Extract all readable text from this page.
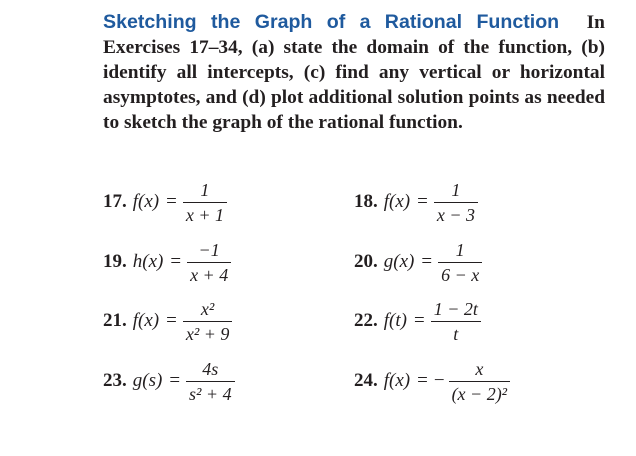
Sketching the Graph of a Rational Function In Exercises 17–34, (a) state the domain of the function, (b) identify all intercepts, (c) find any vertical or horizontal asymptotes, and (d) plot additional solution points as needed to sketch the graph of the rational function.
17. $f(x) = \frac{1}{x + 1}$	18. $f(x) = \frac{1}{x - 3}$
19. $h(x) = \frac{-1}{x + 4}$	20. $g(x) = \frac{1}{6 - x}$
21. $f(x) = \frac{\text{x²}}{\text{x² + 9}}$	22. $f(t) = \frac{1 - 2t}{t}$
23. $g(s) = \frac{4s}{\text{s² + 4}}$	24. f(x) = − $\frac{x}{\text{(x − 2)²}}$
